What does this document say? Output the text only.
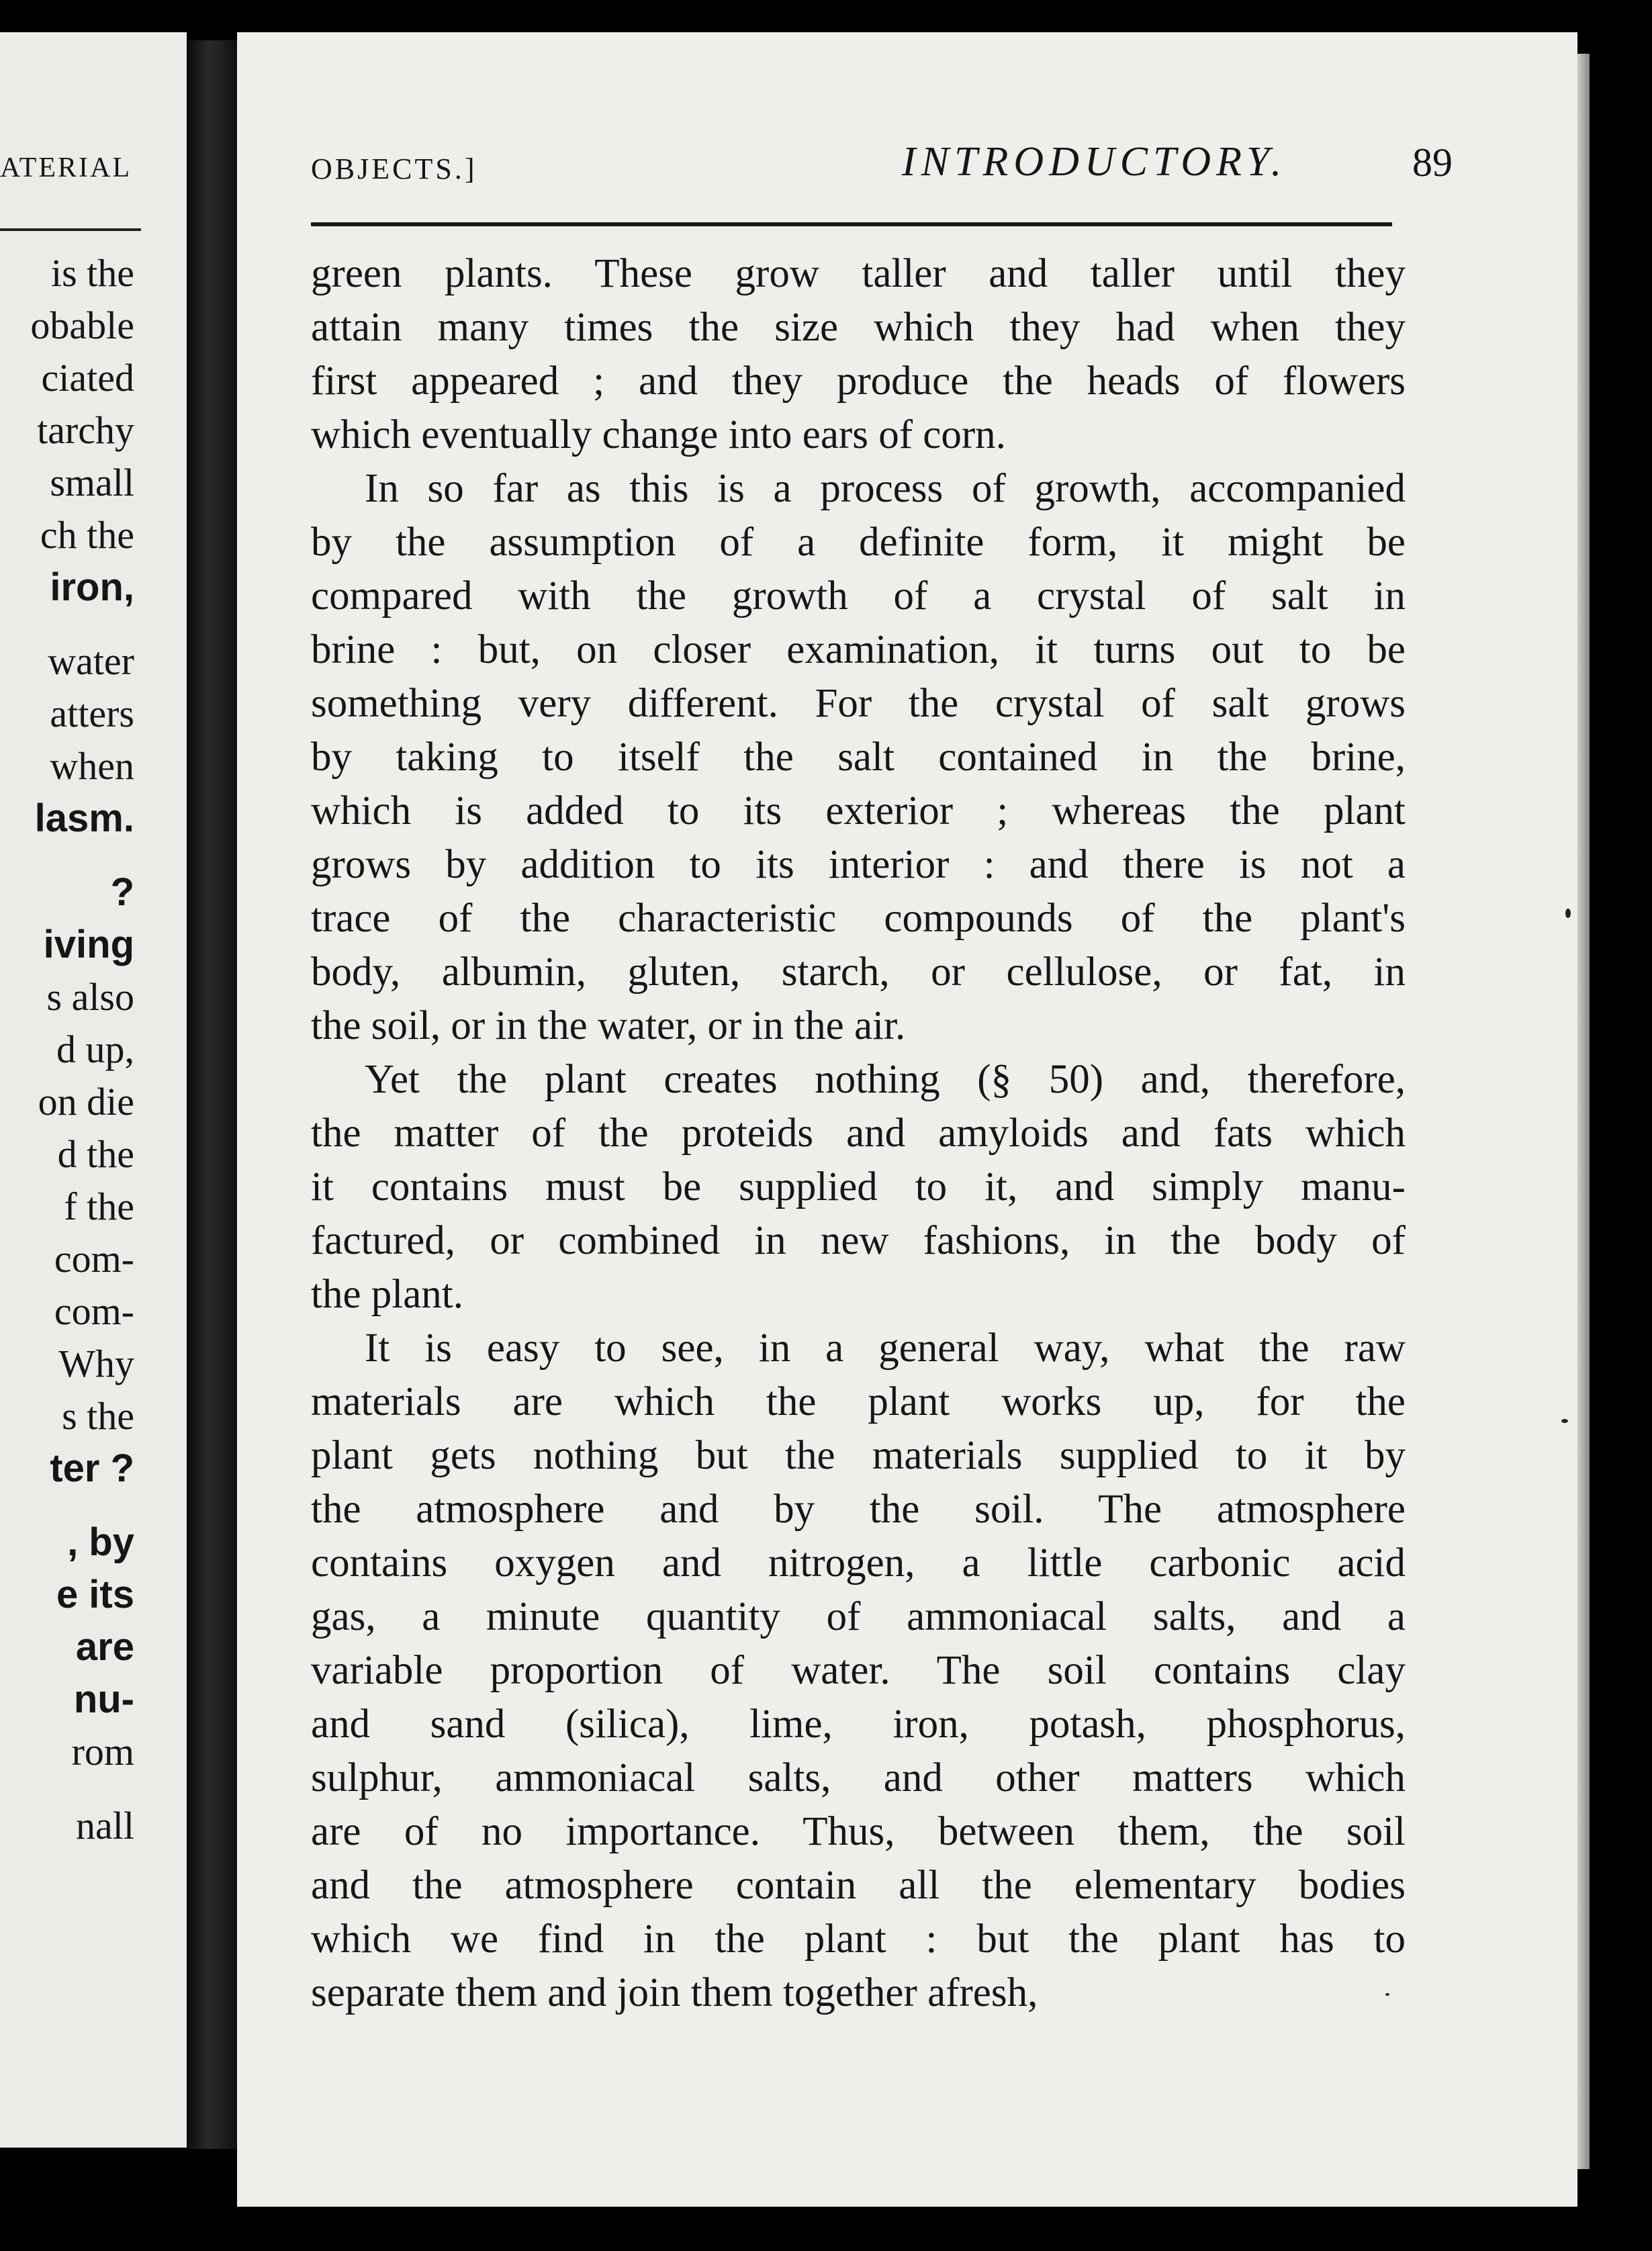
ATERIAL
is the
obable
ciated
tarchy
small
ch the
iron,
water
atters
when
lasm.
?
iving
s also
d up,
on die
d the
f the
com-
com-
Why
s the
ter ?
, by
e its
are
nu-
rom
nall
OBJECTS.]	INTRODUCTORY.	89
green plants. These grow taller and taller until they
attain many times the size which they had when they
first appeared ; and they produce the heads of flowers
which eventually change into ears of corn.
In so far as this is a process of growth, accompanied
by the assumption of a definite form, it might be
compared with the growth of a crystal of salt in
brine : but, on closer examination, it turns out to be
something very different. For the crystal of salt grows
by taking to itself the salt contained in the brine,
which is added to its exterior ; whereas the plant
grows by addition to its interior : and there is not a
trace of the characteristic compounds of the plant's
body, albumin, gluten, starch, or cellulose, or fat, in
the soil, or in the water, or in the air.
Yet the plant creates nothing (§ 50) and, therefore,
the matter of the proteids and amyloids and fats which
it contains must be supplied to it, and simply manu-
factured, or combined in new fashions, in the body of
the plant.
It is easy to see, in a general way, what the raw
materials are which the plant works up, for the
plant gets nothing but the materials supplied to it by
the atmosphere and by the soil. The atmosphere
contains oxygen and nitrogen, a little carbonic acid
gas, a minute quantity of ammoniacal salts, and a
variable proportion of water. The soil contains clay
and sand (silica), lime, iron, potash, phosphorus,
sulphur, ammoniacal salts, and other matters which
are of no importance. Thus, between them, the soil
and the atmosphere contain all the elementary bodies
which we find in the plant : but the plant has to
separate them and join them together afresh,
